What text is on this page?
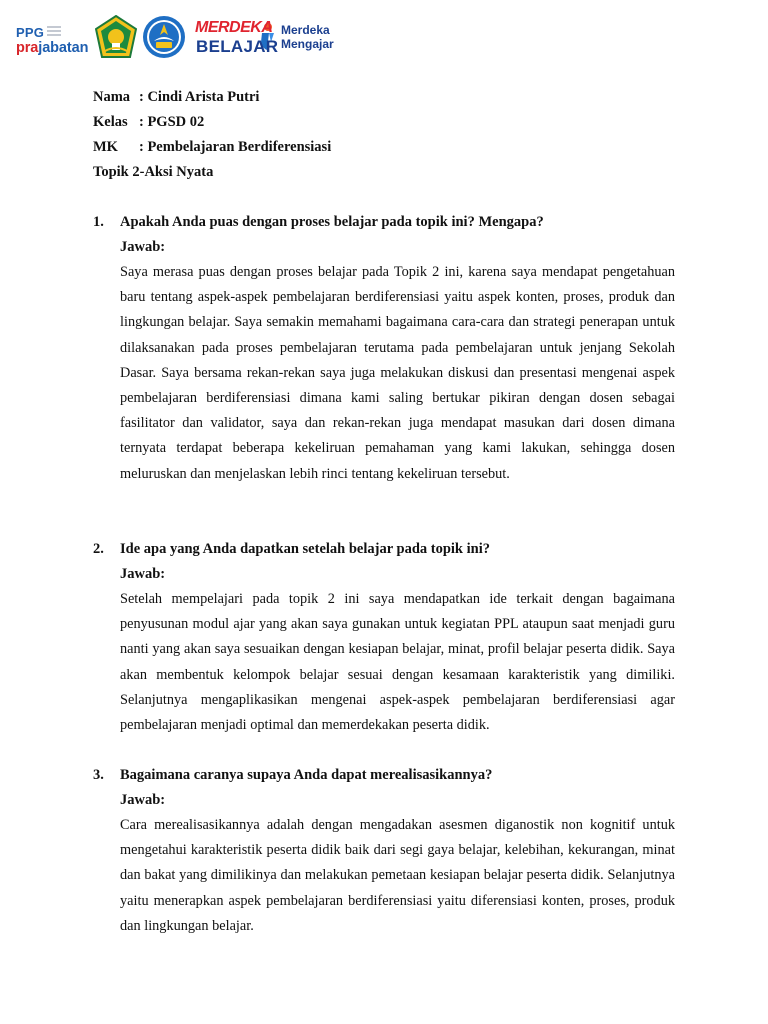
PPG
prajabatan
MERDEKA
BELAJAR
Merdeka
Mengajar
Nama : Cindi Arista Putri
Kelas : PGSD 02
MK : Pembelajaran Berdiferensiasi
Topik 2-Aksi Nyata
1. Apakah Anda puas dengan proses belajar pada topik ini? Mengapa?
Jawab:

Saya merasa puas dengan proses belajar pada Topik 2 ini, karena saya mendapat pengetahuan baru tentang aspek-aspek pembelajaran berdiferensiasi yaitu aspek konten, proses, produk dan lingkungan belajar. Saya semakin memahami bagaimana cara-cara dan strategi penerapan untuk dilaksanakan pada proses pembelajaran terutama pada pembelajaran untuk jenjang Sekolah Dasar. Saya bersama rekan-rekan saya juga melakukan diskusi dan presentasi mengenai aspek pembelajaran berdiferensiasi dimana kami saling bertukar pikiran dengan dosen sebagai fasilitator dan validator, saya dan rekan-rekan juga mendapat masukan dari dosen dimana ternyata terdapat beberapa kekeliruan pemahaman yang kami lakukan, sehingga dosen meluruskan dan menjelaskan lebih rinci tentang kekeliruan tersebut.

2. Ide apa yang Anda dapatkan setelah belajar pada topik ini?
Jawab:

Setelah mempelajari pada topik 2 ini saya mendapatkan ide terkait dengan bagaimana penyusunan modul ajar yang akan saya gunakan untuk kegiatan PPL ataupun saat menjadi guru nanti yang akan saya sesuaikan dengan kesiapan belajar, minat, profil belajar peserta didik. Saya akan membentuk kelompok belajar sesuai dengan kesamaan karakteristik yang dimiliki. Selanjutnya mengaplikasikan mengenai aspek-aspek pembelajaran berdiferensiasi agar pembelajaran menjadi optimal dan memerdekakan peserta didik.

3. Bagaimana caranya supaya Anda dapat merealisasikannya?
Jawab:

Cara merealisasikannya adalah dengan mengadakan asesmen diganostik non kognitif untuk mengetahui karakteristik peserta didik baik dari segi gaya belajar, kelebihan, kekurangan, minat dan bakat yang dimilikinya dan melakukan pemetaan kesiapan belajar peserta didik. Selanjutnya yaitu menerapkan aspek pembelajaran berdiferensiasi yaitu diferensiasi konten, proses, produk dan lingkungan belajar.
